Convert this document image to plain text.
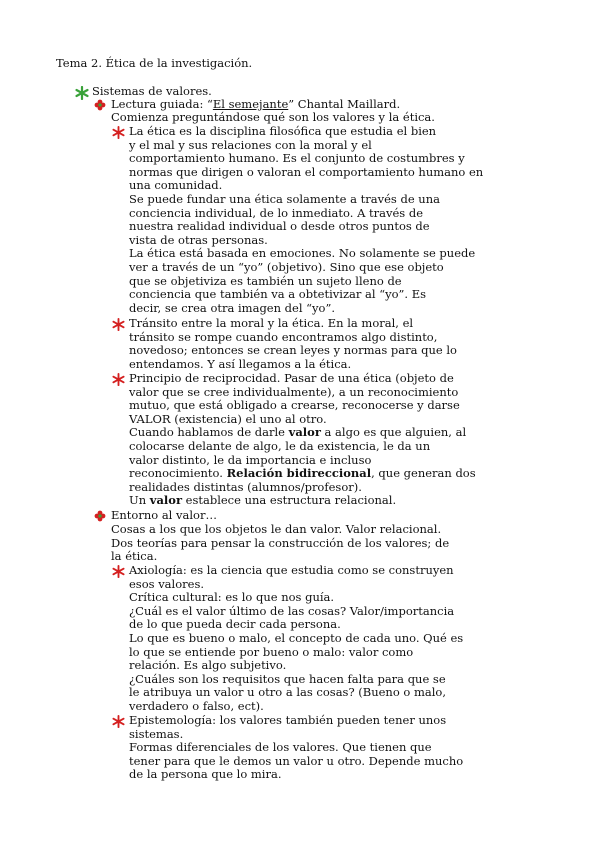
Tema 2. Ética de la investigación.
Sistemas de valores.
Lectura guiada: “El semejante” Chantal Maillard.
Comienza preguntándose qué son los valores y la ética.
La ética es la disciplina filosófica que estudia el bien
y el mal y sus relaciones con la moral y el
comportamiento humano. Es el conjunto de costumbres y
normas que dirigen o valoran el comportamiento humano en
una comunidad.
Se puede fundar una ética solamente a través de una
conciencia individual, de lo inmediato. A través de
nuestra realidad individual o desde otros puntos de
vista de otras personas.
La ética está basada en emociones. No solamente se puede
ver a través de un “yo” (objetivo). Sino que ese objeto
que se objetiviza es también un sujeto lleno de
conciencia que también va a obtetivizar al “yo”. Es
decir, se crea otra imagen del “yo”.
Tránsito entre la moral y la ética. En la moral, el
tránsito se rompe cuando encontramos algo distinto,
novedoso; entonces se crean leyes y normas para que lo
entendamos. Y así llegamos a la ética.
Principio de reciprocidad. Pasar de una ética (objeto de
valor que se cree individualmente), a un reconocimiento
mutuo, que está obligado a crearse, reconocerse y darse
VALOR (existencia) el uno al otro.
Cuando hablamos de darle valor a algo es que alguien, al
colocarse delante de algo, le da existencia, le da un
valor distinto, le da importancia e incluso
reconocimiento. Relación bidireccional, que generan dos
realidades distintas (alumnos/profesor).
Un valor establece una estructura relacional.
Entorno al valor…
Cosas a los que los objetos le dan valor. Valor relacional.
Dos teorías para pensar la construcción de los valores; de
la ética.
Axiología: es la ciencia que estudia como se construyen
esos valores.
Crítica cultural: es lo que nos guía.
¿Cuál es el valor último de las cosas? Valor/importancia
de lo que pueda decir cada persona.
Lo que es bueno o malo, el concepto de cada uno. Qué es
lo que se entiende por bueno o malo: valor como
relación. Es algo subjetivo.
¿Cuáles son los requisitos que hacen falta para que se
le atribuya un valor u otro a las cosas? (Bueno o malo,
verdadero o falso, ect).
Epistemología: los valores también pueden tener unos
sistemas.
Formas diferenciales de los valores. Que tienen que
tener para que le demos un valor u otro. Depende mucho
de la persona que lo mira.
